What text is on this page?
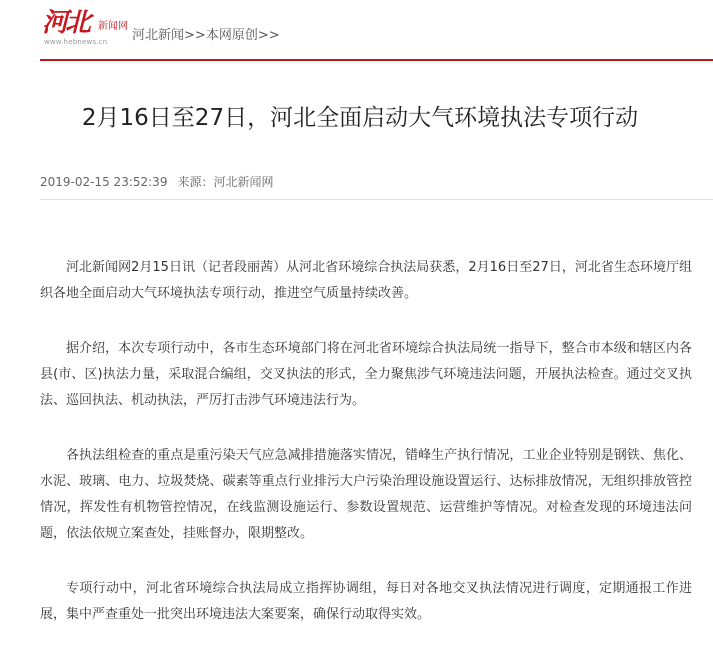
河北 新闻网
www.hebnews.cn 河北新闻>>本网原创>>
2月16日至27日，河北全面启动大气环境执法专项行动
2019-02-15 23:52:39 来源：河北新闻网

河北新闻网2月15日讯（记者段丽茜）从河北省环境综合执法局获悉，2月16日至27日，河北省生态环境厅组织各地全面启动大气环境执法专项行动，推进空气质量持续改善。

据介绍，本次专项行动中，各市生态环境部门将在河北省环境综合执法局统一指导下，整合市本级和辖区内各县(市、区)执法力量，采取混合编组，交叉执法的形式，全力聚焦涉气环境违法问题，开展执法检查。通过交叉执法、巡回执法、机动执法，严厉打击涉气环境违法行为。

各执法组检查的重点是重污染天气应急减排措施落实情况，错峰生产执行情况，工业企业特别是钢铁、焦化、水泥、玻璃、电力、垃圾焚烧、碳素等重点行业排污大户污染治理设施设置运行、达标排放情况，无组织排放管控情况，挥发性有机物管控情况，在线监测设施运行、参数设置规范、运营维护等情况。对检查发现的环境违法问题，依法依规立案查处，挂账督办，限期整改。

专项行动中，河北省环境综合执法局成立指挥协调组，每日对各地交叉执法情况进行调度，定期通报工作进展，集中严查重处一批突出环境违法大案要案，确保行动取得实效。
